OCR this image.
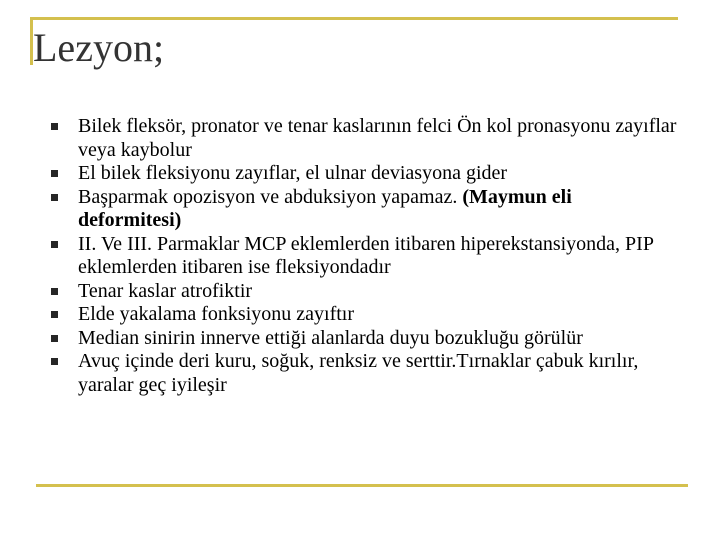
Lezyon;
Bilek fleksör, pronator ve tenar kaslarının felci Ön kol pronasyonu zayıflar veya kaybolur
El bilek fleksiyonu zayıflar, el ulnar deviasyona gider
Başparmak opozisyon ve abduksiyon yapamaz. (Maymun eli deformitesi)
II. Ve III. Parmaklar MCP eklemlerden itibaren hiperekstansiyonda, PIP eklemlerden itibaren ise fleksiyondadır
Tenar kaslar atrofiktir
Elde yakalama fonksiyonu zayıftır
Median sinirin innerve ettiği alanlarda duyu bozukluğu görülür
Avuç içinde deri kuru, soğuk, renksiz ve serttir.Tırnaklar çabuk kırılır, yaralar geç iyileşir
